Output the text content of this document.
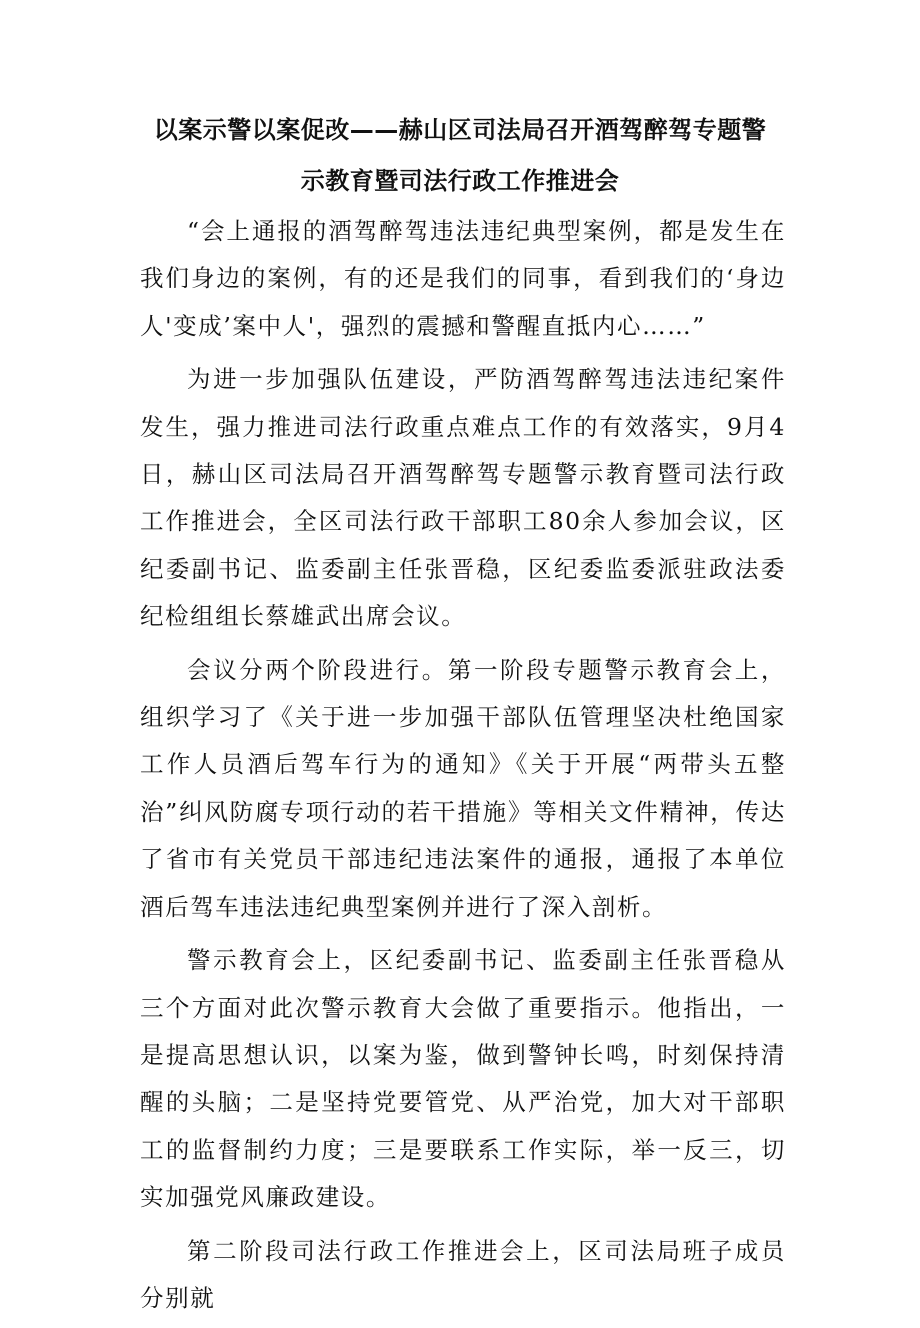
以案示警以案促改——赫山区司法局召开酒驾醉驾专题警
示教育暨司法行政工作推进会

“会上通报的酒驾醉驾违法违纪典型案例，都是发生在我们身边的案例，有的还是我们的同事，看到我们的‘身边人'变成’案中人'，强烈的震撼和警醒直抵内心……”

为进一步加强队伍建设，严防酒驾醉驾违法违纪案件发生，强力推进司法行政重点难点工作的有效落实，9月4日，赫山区司法局召开酒驾醉驾专题警示教育暨司法行政工作推进会，全区司法行政干部职工80余人参加会议，区纪委副书记、监委副主任张晋稳，区纪委监委派驻政法委纪检组组长蔡雄武出席会议。

会议分两个阶段进行。第一阶段专题警示教育会上，组织学习了《关于进一步加强干部队伍管理坚决杜绝国家工作人员酒后驾车行为的通知》《关于开展“两带头五整治”纠风防腐专项行动的若干措施》等相关文件精神，传达了省市有关党员干部违纪违法案件的通报，通报了本单位酒后驾车违法违纪典型案例并进行了深入剖析。

警示教育会上，区纪委副书记、监委副主任张晋稳从三个方面对此次警示教育大会做了重要指示。他指出，一是提高思想认识，以案为鉴，做到警钟长鸣，时刻保持清醒的头脑；二是坚持党要管党、从严治党，加大对干部职工的监督制约力度；三是要联系工作实际，举一反三，切实加强党风廉政建设。

第二阶段司法行政工作推进会上，区司法局班子成员分别就
